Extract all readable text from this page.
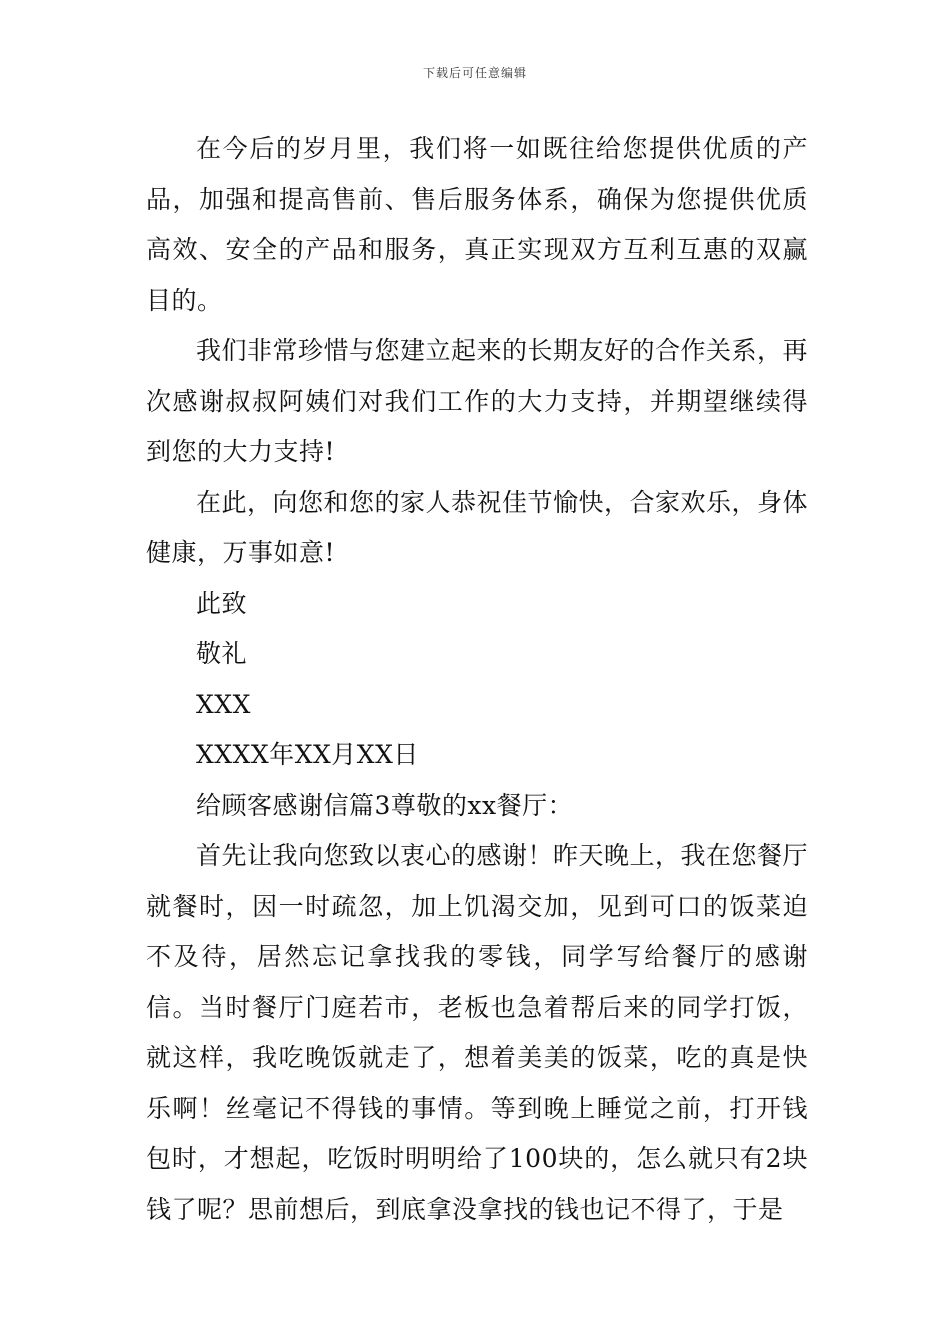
下载后可任意编辑

在今后的岁月里，我们将一如既往给您提供优质的产品，加强和提高售前、售后服务体系，确保为您提供优质高效、安全的产品和服务，真正实现双方互利互惠的双赢目的。

我们非常珍惜与您建立起来的长期友好的合作关系，再次感谢叔叔阿姨们对我们工作的大力支持，并期望继续得到您的大力支持!

在此，向您和您的家人恭祝佳节愉快，合家欢乐，身体健康，万事如意!

此致

敬礼

XXX

XXXX年XX月XX日

给顾客感谢信篇3尊敬的xx餐厅：

首先让我向您致以衷心的感谢！昨天晚上，我在您餐厅就餐时，因一时疏忽，加上饥渴交加，见到可口的饭菜迫不及待，居然忘记拿找我的零钱，同学写给餐厅的感谢信。当时餐厅门庭若市，老板也急着帮后来的同学打饭，就这样，我吃晚饭就走了，想着美美的饭菜，吃的真是快乐啊！丝毫记不得钱的事情。等到晚上睡觉之前，打开钱包时，才想起，吃饭时明明给了100块的，怎么就只有2块钱了呢？思前想后，到底拿没拿找的钱也记不得了，于是
